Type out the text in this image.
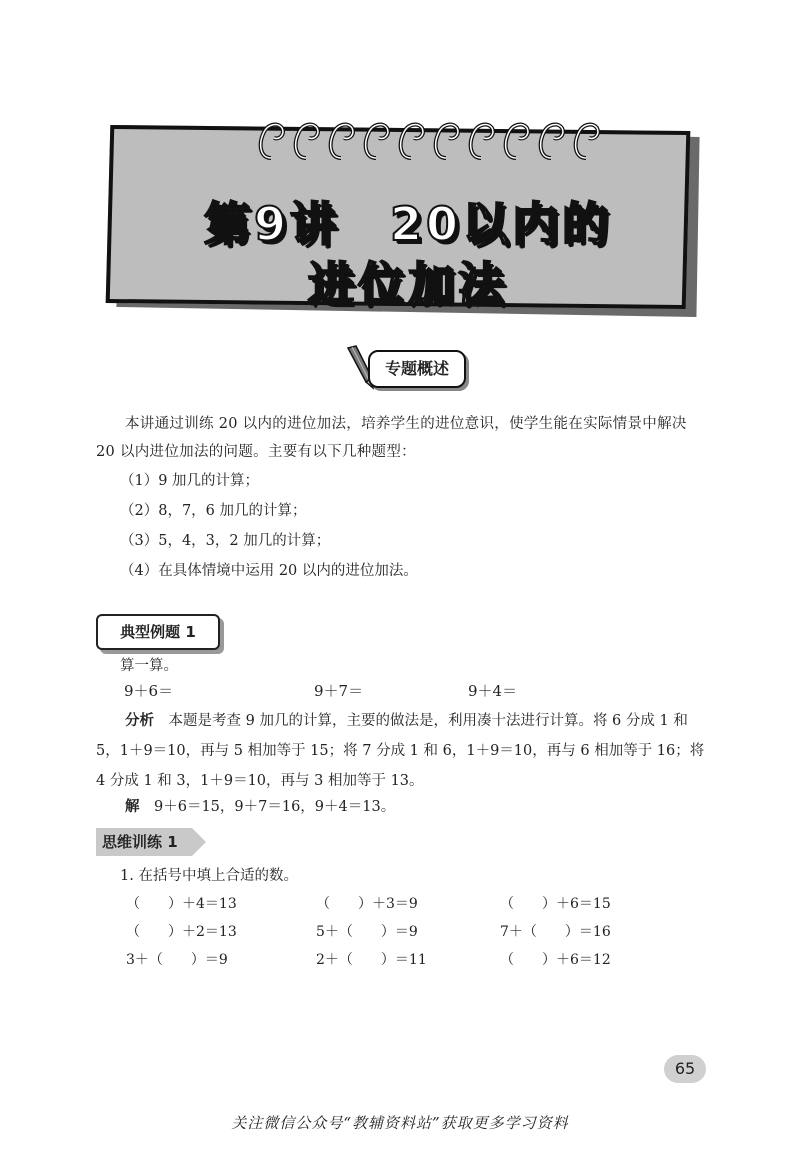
第9讲　20以内的
进位加法
专题概述
本讲通过训练 20 以内的进位加法，培养学生的进位意识，使学生能在实际情景中解决 20 以内进位加法的问题。主要有以下几种题型：
（1）9 加几的计算；
（2）8，7，6 加几的计算；
（3）5，4，3，2 加几的计算；
（4）在具体情境中运用 20 以内的进位加法。
典型例题 1
算一算。
9＋6＝	9＋7＝	9＋4＝
分析　本题是考查 9 加几的计算，主要的做法是，利用凑十法进行计算。将 6 分成 1 和 5，1＋9＝10，再与 5 相加等于 15；将 7 分成 1 和 6，1＋9＝10，再与 6 相加等于 16；将 4 分成 1 和 3，1＋9＝10，再与 3 相加等于 13。
解　9＋6＝15，9＋7＝16，9＋4＝13。
思维训练 1
1. 在括号中填上合适的数。
（　　）＋4＝13	（　　）＋3＝9	（　　）＋6＝15
（　　）＋2＝13	5＋（　　）＝9	7＋（　　）＝16
3＋（　　）＝9	2＋（　　）＝11	（　　）＋6＝12
65
关注微信公众号“教辅资料站”获取更多学习资料
